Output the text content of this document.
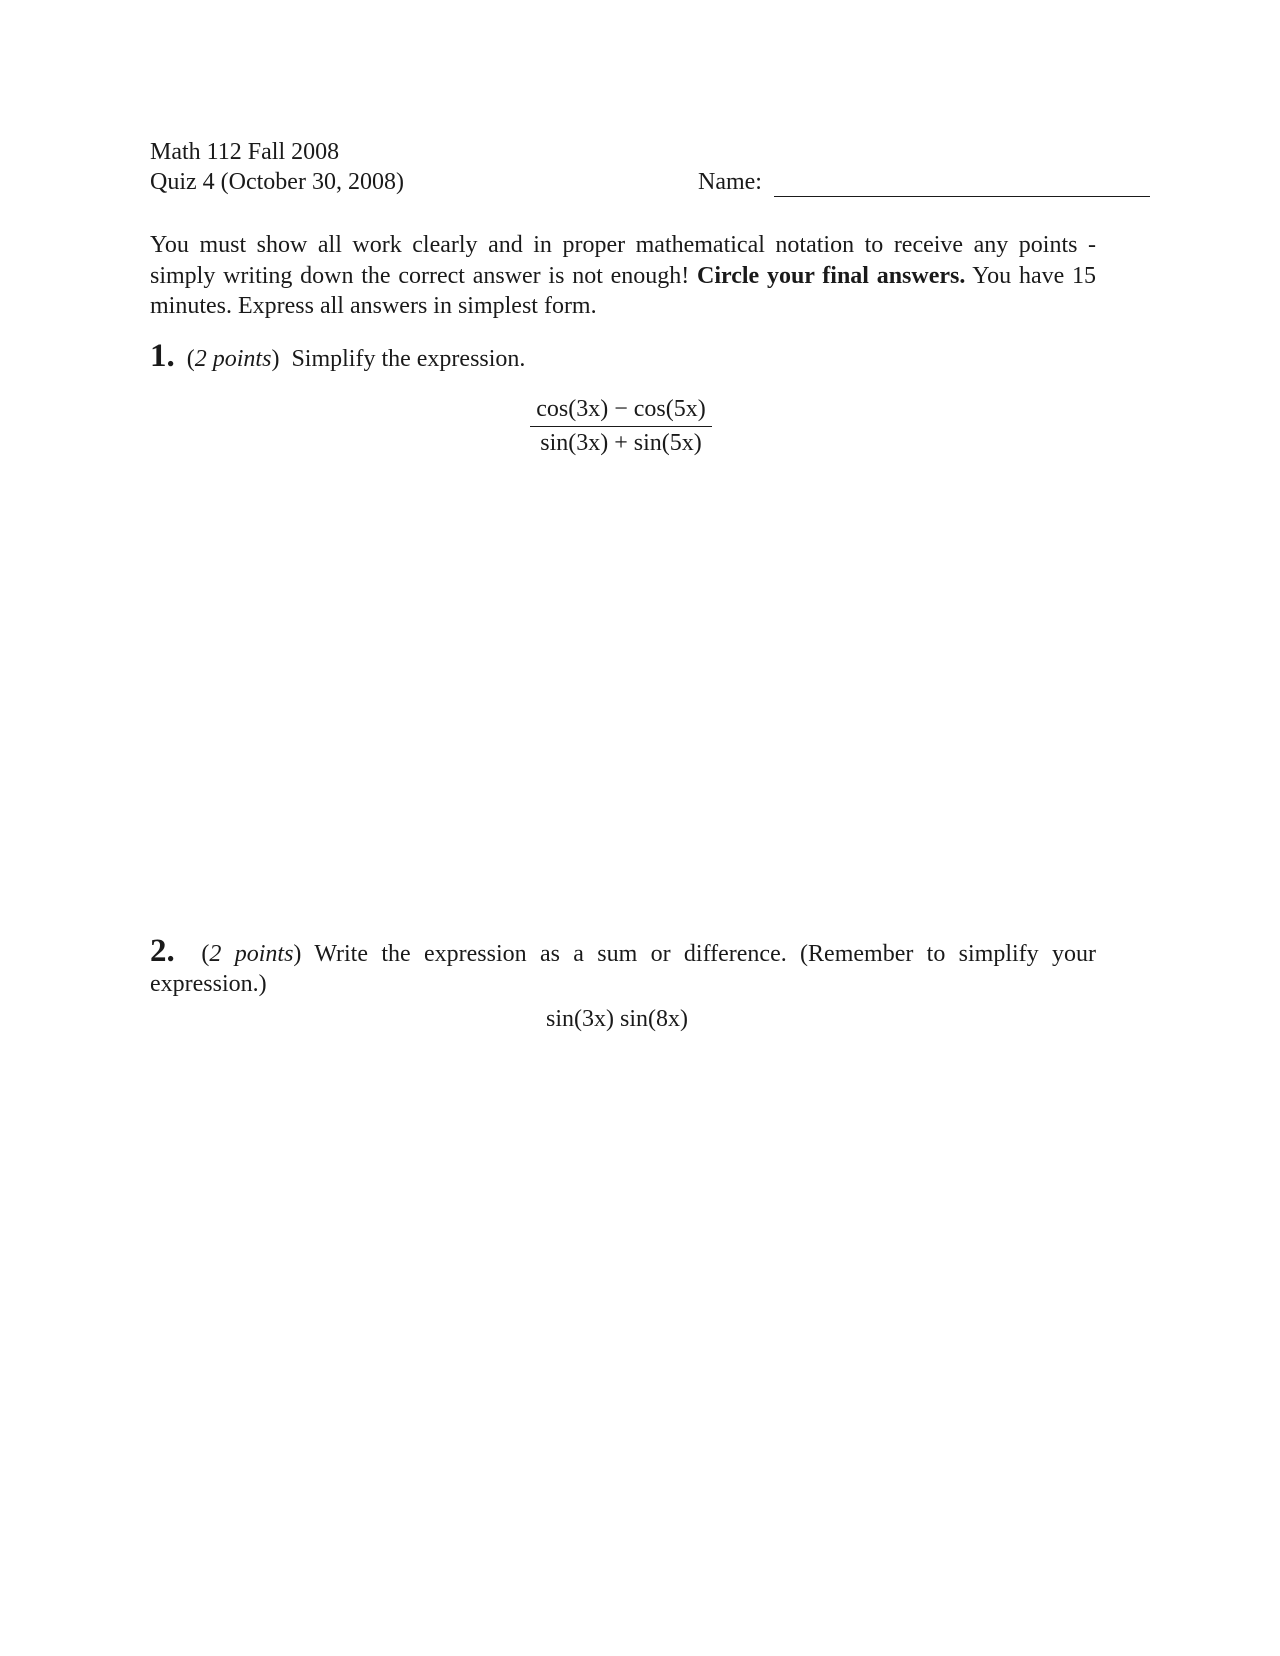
Math 112 Fall 2008
Quiz 4 (October 30, 2008)	Name:
You must show all work clearly and in proper mathematical notation to receive any points - simply writing down the correct answer is not enough! Circle your final answers. You have 15 minutes. Express all answers in simplest form.
1.  (2 points) Simplify the expression.
cos(3x) − cos(5x)
sin(3x) + sin(5x)
2.  (2 points) Write the expression as a sum or difference. (Remember to simplify your expression.)
sin(3x) sin(8x)
